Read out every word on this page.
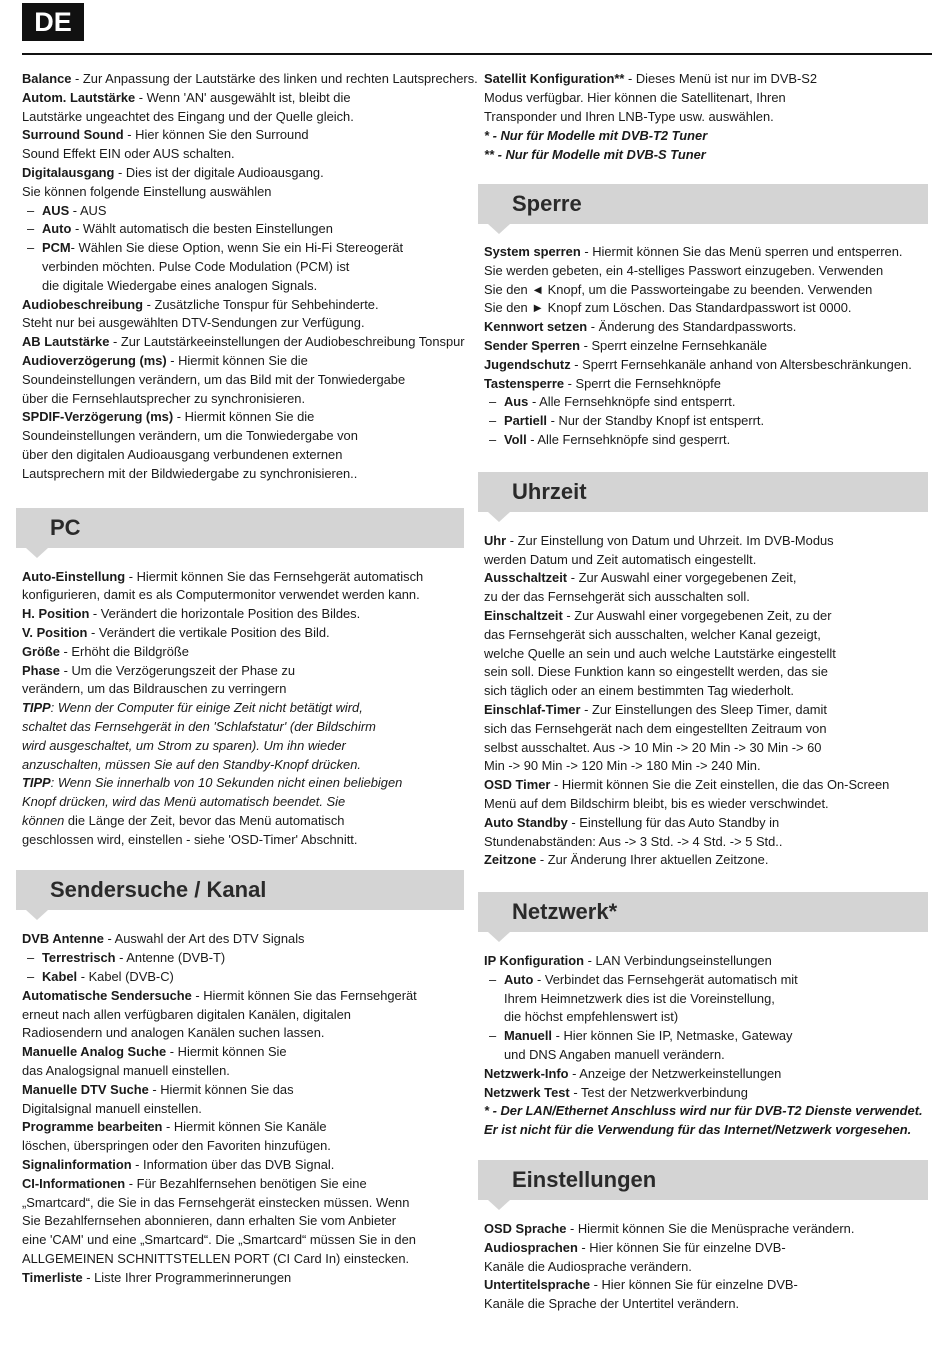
DE
Balance - Zur Anpassung der Lautstärke des linken und rechten Lautsprechers.
Autom. Lautstärke - Wenn 'AN' ausgewählt ist, bleibt die
Lautstärke ungeachtet des Eingang und der Quelle gleich.
Surround Sound - Hier können Sie den Surround
Sound Effekt EIN oder AUS schalten.
Digitalausgang - Dies ist der digitale Audioausgang.
Sie können folgende Einstellung auswählen
– AUS - AUS
– Auto - Wählt automatisch die besten Einstellungen
– PCM- Wählen Sie diese Option, wenn Sie ein Hi-Fi Stereogerät
verbinden möchten. Pulse Code Modulation (PCM) ist
die digitale Wiedergabe eines analogen Signals.
Audiobeschreibung - Zusätzliche Tonspur für Sehbehinderte.
Steht nur bei ausgewählten DTV-Sendungen zur Verfügung.
AB Lautstärke - Zur Lautstärkeeinstellungen der Audiobeschreibung Tonspur
Audioverzögerung (ms) - Hiermit können Sie die
Soundeinstellungen verändern, um das Bild mit der Tonwiedergabe
über die Fernsehlautsprecher zu synchronisieren.
SPDIF-Verzögerung (ms) - Hiermit können Sie die
Soundeinstellungen verändern, um die Tonwiedergabe von
über den digitalen Audioausgang verbundenen externen
Lautsprechern mit der Bildwiedergabe zu synchronisieren..
PC
Auto-Einstellung - Hiermit können Sie das Fernsehgerät automatisch
konfigurieren, damit es als Computermonitor verwendet werden kann.
H. Position - Verändert die horizontale Position des Bildes.
V. Position - Verändert die vertikale Position des Bild.
Größe - Erhöht die Bildgröße
Phase - Um die Verzögerungszeit der Phase zu
verändern, um das Bildrauschen zu verringern
TIPP: Wenn der Computer für einige Zeit nicht betätigt wird,
schaltet das Fernsehgerät in den 'Schlafstatur' (der Bildschirm
wird ausgeschaltet, um Strom zu sparen). Um ihn wieder
anzuschalten, müssen Sie auf den Standby-Knopf drücken.
TIPP: Wenn Sie innerhalb von 10 Sekunden nicht einen beliebigen
Knopf drücken, wird das Menü automatisch beendet. Sie
können die Länge der Zeit, bevor das Menü automatisch
geschlossen wird, einstellen - siehe 'OSD-Timer' Abschnitt.
Sendersuche / Kanal
DVB Antenne - Auswahl der Art des DTV Signals
– Terrestrisch - Antenne (DVB-T)
– Kabel - Kabel (DVB-C)
Automatische Sendersuche - Hiermit können Sie das Fernsehgerät
erneut nach allen verfügbaren digitalen Kanälen, digitalen
Radiosendern und analogen Kanälen suchen lassen.
Manuelle Analog Suche - Hiermit können Sie
das Analogsignal manuell einstellen.
Manuelle DTV Suche - Hiermit können Sie das
Digitalsignal manuell einstellen.
Programme bearbeiten - Hiermit können Sie Kanäle
löschen, überspringen oder den Favoriten hinzufügen.
Signalinformation - Information über das DVB Signal.
CI-Informationen - Für Bezahlfernsehen benötigen Sie eine
„Smartcard“, die Sie in das Fernsehgerät einstecken müssen. Wenn
Sie Bezahlfernsehen abonnieren, dann erhalten Sie vom Anbieter
eine 'CAM' und eine „Smartcard“. Die „Smartcard“ müssen Sie in den
ALLGEMEINEN SCHNITTSTELLEN PORT (CI Card In) einstecken.
Timerliste - Liste Ihrer Programmerinnerungen
Satellit Konfiguration** - Dieses Menü ist nur im DVB-S2
Modus verfügbar. Hier können die Satellitenart, Ihren
Transponder und Ihren LNB-Type usw. auswählen.
* - Nur für Modelle mit DVB-T2 Tuner
** - Nur für Modelle mit DVB-S Tuner
Sperre
System sperren - Hiermit können Sie das Menü sperren und entsperren.
Sie werden gebeten, ein 4-stelliges Passwort einzugeben. Verwenden
Sie den ◄ Knopf, um die Passworteingabe zu beenden. Verwenden
Sie den ► Knopf zum Löschen. Das Standardpasswort ist 0000.
Kennwort setzen - Änderung des Standardpassworts.
Sender Sperren - Sperrt einzelne Fernsehkanäle
Jugendschutz - Sperrt Fernsehkanäle anhand von Altersbeschränkungen.
Tastensperre - Sperrt die Fernsehknöpfe
– Aus - Alle Fernsehknöpfe sind entsperrt.
– Partiell - Nur der Standby Knopf ist entsperrt.
– Voll - Alle Fernsehknöpfe sind gesperrt.
Uhrzeit
Uhr - Zur Einstellung von Datum und Uhrzeit. Im DVB-Modus
werden Datum und Zeit automatisch eingestellt.
Ausschaltzeit - Zur Auswahl einer vorgegebenen Zeit,
zu der das Fernsehgerät sich ausschalten soll.
Einschaltzeit - Zur Auswahl einer vorgegebenen Zeit, zu der
das Fernsehgerät sich ausschalten, welcher Kanal gezeigt,
welche Quelle an sein und auch welche Lautstärke eingestellt
sein soll. Diese Funktion kann so eingestellt werden, das sie
sich täglich oder an einem bestimmten Tag wiederholt.
Einschlaf-Timer - Zur Einstellungen des Sleep Timer, damit
sich das Fernsehgerät nach dem eingestellten Zeitraum von
selbst ausschaltet. Aus -> 10 Min -> 20 Min -> 30 Min -> 60
Min -> 90 Min -> 120 Min -> 180 Min -> 240 Min.
OSD Timer - Hiermit können Sie die Zeit einstellen, die das On-Screen
Menü auf dem Bildschirm bleibt, bis es wieder verschwindet.
Auto Standby - Einstellung für das Auto Standby in
Stundenabständen: Aus -> 3 Std. -> 4 Std. -> 5 Std..
Zeitzone - Zur Änderung Ihrer aktuellen Zeitzone.
Netzwerk*
IP Konfiguration - LAN Verbindungseinstellungen
– Auto - Verbindet das Fernsehgerät automatisch mit
Ihrem Heimnetzwerk dies ist die Voreinstellung,
die höchst empfehlenswert ist)
– Manuell - Hier können Sie IP, Netmaske, Gateway
und DNS Angaben manuell verändern.
Netzwerk-Info - Anzeige der Netzwerkeinstellungen
Netzwerk Test - Test der Netzwerkverbindung
* - Der LAN/Ethernet Anschluss wird nur für DVB-T2 Dienste verwendet.
Er ist nicht für die Verwendung für das Internet/Netzwerk vorgesehen.
Einstellungen
OSD Sprache - Hiermit können Sie die Menüsprache verändern.
Audiosprachen - Hier können Sie für einzelne DVB-
Kanäle die Audiosprache verändern.
Untertitelsprache - Hier können Sie für einzelne DVB-
Kanäle die Sprache der Untertitel verändern.
